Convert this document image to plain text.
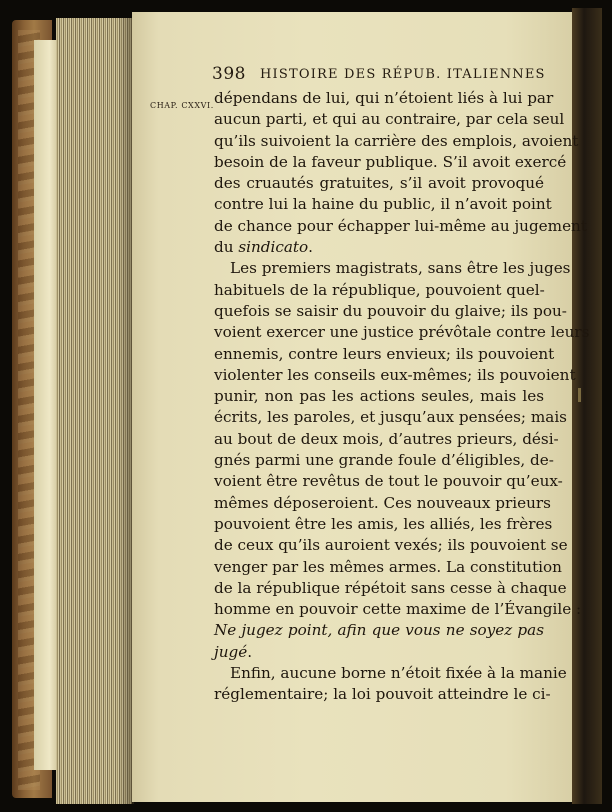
398 HISTOIRE DES RÉPUB. ITALIENNES
CHAP. CXXVI. dépendans de lui, qui n’étoient liés à lui par
aucun parti, et qui au contraire, par cela seul
qu’ils suivoient la carrière des emplois, avoient
besoin de la faveur publique. S’il avoit exercé
des cruautés gratuites, s’il avoit provoqué
contre lui la haine du public, il n’avoit point
de chance pour échapper lui-même au jugement
du sindicato.
Les premiers magistrats, sans être les juges
habituels de la république, pouvoient quel-
quefois se saisir du pouvoir du glaive; ils pou-
voient exercer une justice prévôtale contre leurs
ennemis, contre leurs envieux; ils pouvoient
violenter les conseils eux-mêmes; ils pouvoient
punir, non pas les actions seules, mais les
écrits, les paroles, et jusqu’aux pensées; mais
au bout de deux mois, d’autres prieurs, dési-
gnés parmi une grande foule d’éligibles, de-
voient être revêtus de tout le pouvoir qu’eux-
mêmes déposeroient. Ces nouveaux prieurs
pouvoient être les amis, les alliés, les frères
de ceux qu’ils auroient vexés; ils pouvoient se
venger par les mêmes armes. La constitution
de la république répétoit sans cesse à chaque
homme en pouvoir cette maxime de l’Évangile :
Ne jugez point, afin que vous ne soyez pas
jugé.
Enfin, aucune borne n’étoit fixée à la manie
réglementaire; la loi pouvoit atteindre le ci-
